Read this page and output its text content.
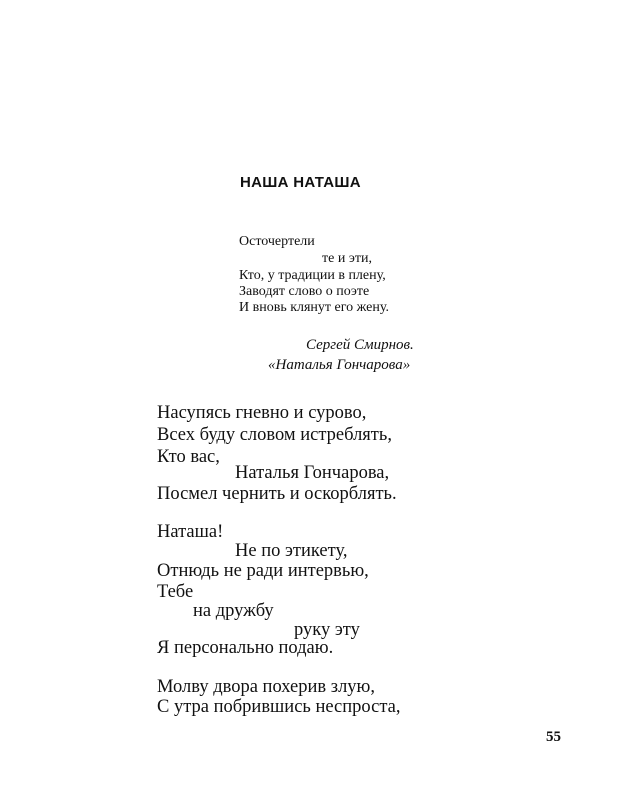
НАША НАТАША

Осточертели

те и эти,

Кто, у традиции в плену,

Заводят слово о поэте

И вновь клянут его жену.

Сергей Смирнов.

«Наталья Гончарова»

Насупясь гневно и сурово,

Всех буду словом истреблять,

Кто вас,

Наталья Гончарова,

Посмел чернить и оскорблять.

Наташа!

Не по этикету,

Отнюдь не ради интервью,

Тебе

на дружбу

руку эту

Я персонально подаю.

Молву двора похерив злую,

С утра побрившись неспроста,

55
